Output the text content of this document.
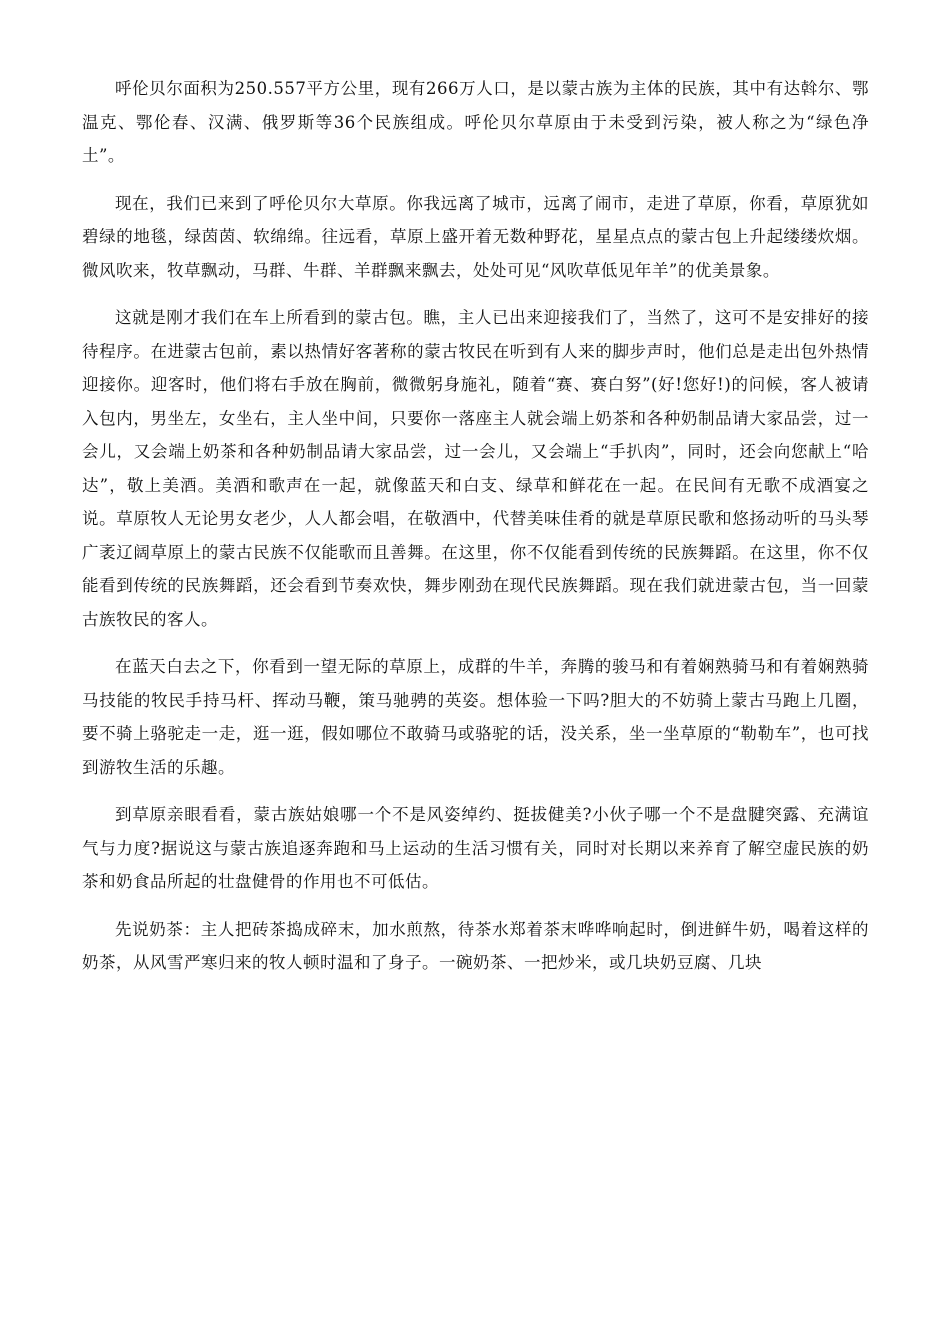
呼伦贝尔面积为250.557平方公里，现有266万人口，是以蒙古族为主体的民族，其中有达斡尔、鄂温克、鄂伦春、汉满、俄罗斯等36个民族组成。呼伦贝尔草原由于未受到污染，被人称之为“绿色净土”。

现在，我们已来到了呼伦贝尔大草原。你我远离了城市，远离了闹市，走进了草原，你看，草原犹如碧绿的地毯，绿茵茵、软绵绵。往远看，草原上盛开着无数种野花，星星点点的蒙古包上升起缕缕炊烟。微风吹来，牧草飘动，马群、牛群、羊群飘来飘去，处处可见“风吹草低见年羊”的优美景象。

这就是刚才我们在车上所看到的蒙古包。瞧，主人已出来迎接我们了，当然了，这可不是安排好的接待程序。在进蒙古包前，素以热情好客著称的蒙古牧民在听到有人来的脚步声时，他们总是走出包外热情迎接你。迎客时，他们将右手放在胸前，微微躬身施礼，随着“赛、赛白努”(好!您好!)的问候，客人被请入包内，男坐左，女坐右，主人坐中间，只要你一落座主人就会端上奶茶和各种奶制品请大家品尝，过一会儿，又会端上奶茶和各种奶制品请大家品尝，过一会儿，又会端上“手扒肉”，同时，还会向您献上“哈达”，敬上美酒。美酒和歌声在一起，就像蓝天和白支、绿草和鲜花在一起。在民间有无歌不成酒宴之说。草原牧人无论男女老少，人人都会唱，在敬酒中，代替美味佳肴的就是草原民歌和悠扬动听的马头琴广袤辽阔草原上的蒙古民族不仅能歌而且善舞。在这里，你不仅能看到传统的民族舞蹈。在这里，你不仅能看到传统的民族舞蹈，还会看到节奏欢快，舞步刚劲在现代民族舞蹈。现在我们就进蒙古包，当一回蒙古族牧民的客人。

在蓝天白去之下，你看到一望无际的草原上，成群的牛羊，奔腾的骏马和有着娴熟骑马和有着娴熟骑马技能的牧民手持马杆、挥动马鞭，策马驰骋的英姿。想体验一下吗?胆大的不妨骑上蒙古马跑上几圈，要不骑上骆驼走一走，逛一逛，假如哪位不敢骑马或骆驼的话，没关系，坐一坐草原的“勒勒车”，也可找到游牧生活的乐趣。

到草原亲眼看看，蒙古族姑娘哪一个不是风姿绰约、挺拔健美?小伙子哪一个不是盘腱突露、充满谊气与力度?据说这与蒙古族追逐奔跑和马上运动的生活习惯有关，同时对长期以来养育了解空虚民族的奶茶和奶食品所起的壮盘健骨的作用也不可低估。

先说奶茶：主人把砖茶捣成碎末，加水煎熬，待茶水郑着茶末哗哗响起时，倒进鲜牛奶，喝着这样的奶茶，从风雪严寒归来的牧人顿时温和了身子。一碗奶茶、一把炒米，或几块奶豆腐、几块
